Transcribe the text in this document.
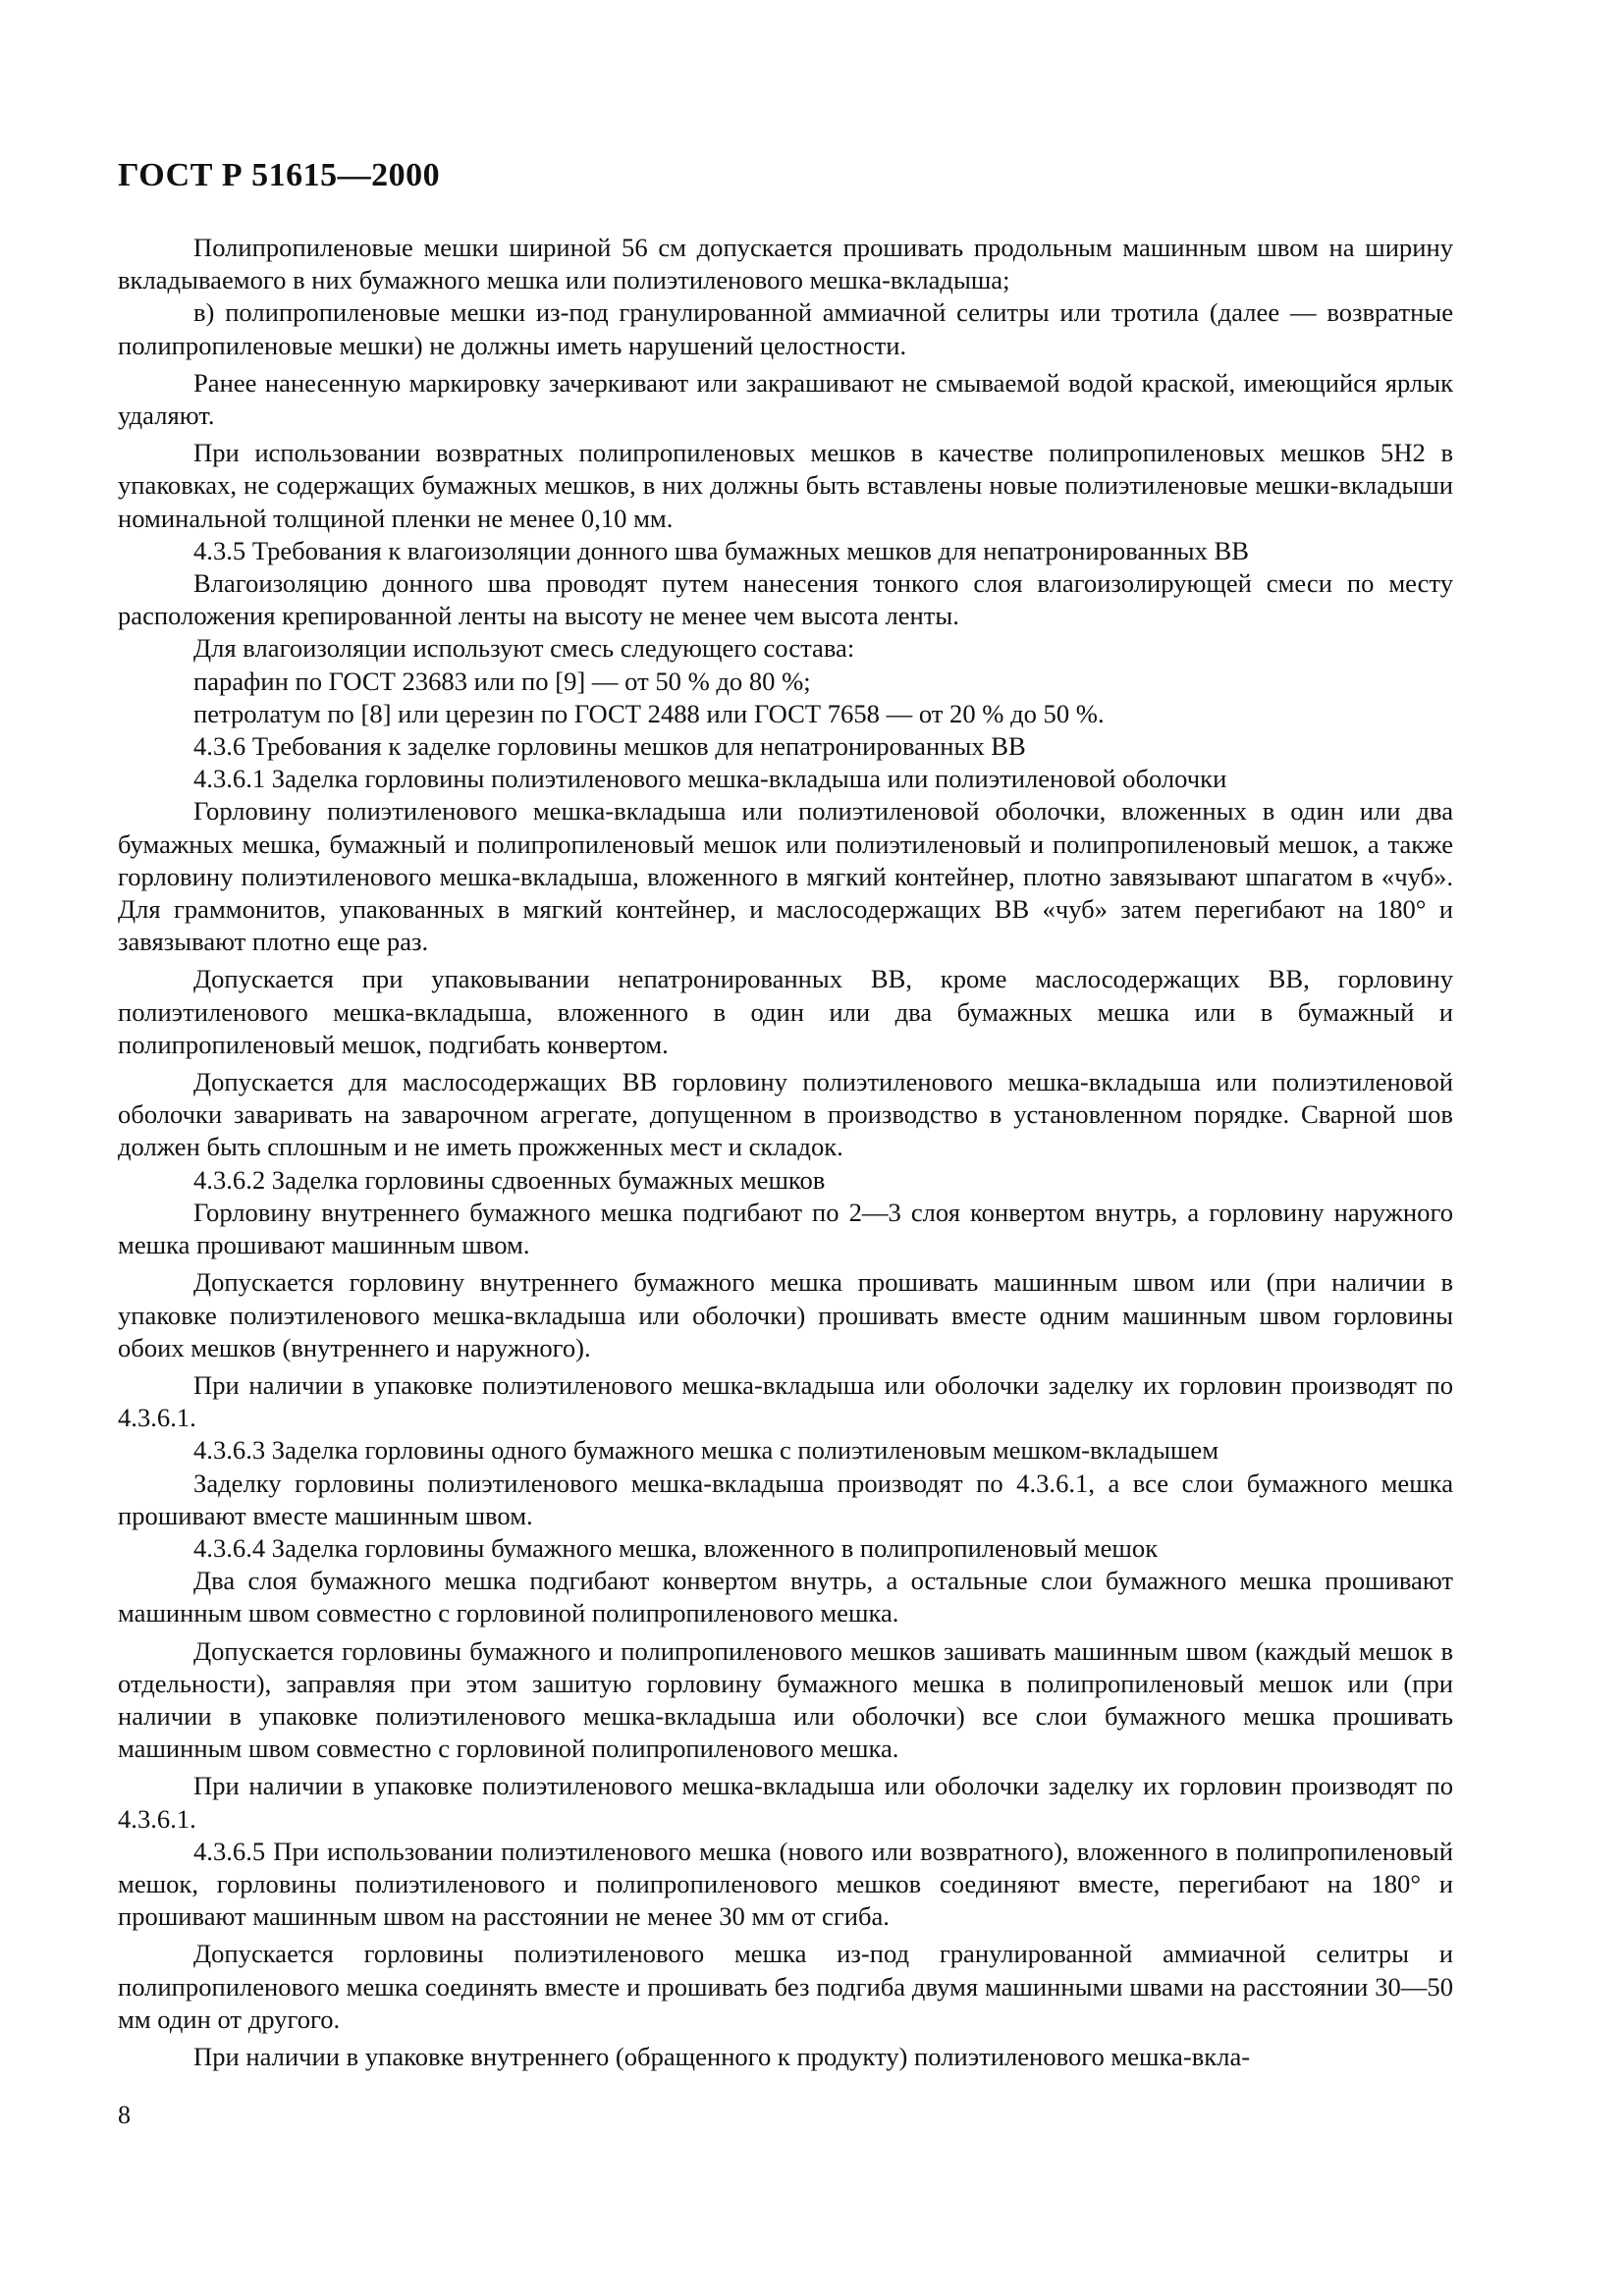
ГОСТ Р 51615—2000

Полипропиленовые мешки шириной 56 см допускается прошивать продольным машинным швом на ширину вкладываемого в них бумажного мешка или полиэтиленового мешка-вкладыша;

в) полипропиленовые мешки из-под гранулированной аммиачной селитры или тротила (далее — возвратные полипропиленовые мешки) не должны иметь нарушений целостности.

Ранее нанесенную маркировку зачеркивают или закрашивают не смываемой водой краской, имеющийся ярлык удаляют.

При использовании возвратных полипропиленовых мешков в качестве полипропиленовых мешков 5Н2 в упаковках, не содержащих бумажных мешков, в них должны быть вставлены новые полиэтиленовые мешки-вкладыши номинальной толщиной пленки не менее 0,10 мм.

4.3.5 Требования к влагоизоляции донного шва бумажных мешков для непатронированных ВВ

Влагоизоляцию донного шва проводят путем нанесения тонкого слоя влагоизолирующей смеси по месту расположения крепированной ленты на высоту не менее чем высота ленты.

Для влагоизоляции используют смесь следующего состава:

парафин по ГОСТ 23683 или по [9] — от 50 % до 80 %;

петролатум по [8] или церезин по ГОСТ 2488 или ГОСТ 7658 — от 20 % до 50 %.

4.3.6 Требования к заделке горловины мешков для непатронированных ВВ

4.3.6.1 Заделка горловины полиэтиленового мешка-вкладыша или полиэтиленовой оболочки

Горловину полиэтиленового мешка-вкладыша или полиэтиленовой оболочки, вложенных в один или два бумажных мешка, бумажный и полипропиленовый мешок или полиэтиленовый и полипропиленовый мешок, а также горловину полиэтиленового мешка-вкладыша, вложенного в мягкий контейнер, плотно завязывают шпагатом в «чуб». Для граммонитов, упакованных в мягкий контейнер, и маслосодержащих ВВ «чуб» затем перегибают на 180° и завязывают плотно еще раз.

Допускается при упаковывании непатронированных ВВ, кроме маслосодержащих ВВ, горловину полиэтиленового мешка-вкладыша, вложенного в один или два бумажных мешка или в бумажный и полипропиленовый мешок, подгибать конвертом.

Допускается для маслосодержащих ВВ горловину полиэтиленового мешка-вкладыша или полиэтиленовой оболочки заваривать на заварочном агрегате, допущенном в производство в установленном порядке. Сварной шов должен быть сплошным и не иметь прожженных мест и складок.

4.3.6.2 Заделка горловины сдвоенных бумажных мешков

Горловину внутреннего бумажного мешка подгибают по 2—3 слоя конвертом внутрь, а горловину наружного мешка прошивают машинным швом.

Допускается горловину внутреннего бумажного мешка прошивать машинным швом или (при наличии в упаковке полиэтиленового мешка-вкладыша или оболочки) прошивать вместе одним машинным швом горловины обоих мешков (внутреннего и наружного).

При наличии в упаковке полиэтиленового мешка-вкладыша или оболочки заделку их горловин производят по 4.3.6.1.

4.3.6.3 Заделка горловины одного бумажного мешка с полиэтиленовым мешком-вкладышем

Заделку горловины полиэтиленового мешка-вкладыша производят по 4.3.6.1, а все слои бумажного мешка прошивают вместе машинным швом.

4.3.6.4 Заделка горловины бумажного мешка, вложенного в полипропиленовый мешок

Два слоя бумажного мешка подгибают конвертом внутрь, а остальные слои бумажного мешка прошивают машинным швом совместно с горловиной полипропиленового мешка.

Допускается горловины бумажного и полипропиленового мешков зашивать машинным швом (каждый мешок в отдельности), заправляя при этом зашитую горловину бумажного мешка в полипропиленовый мешок или (при наличии в упаковке полиэтиленового мешка-вкладыша или оболочки) все слои бумажного мешка прошивать машинным швом совместно с горловиной полипропиленового мешка.

При наличии в упаковке полиэтиленового мешка-вкладыша или оболочки заделку их горловин производят по 4.3.6.1.

4.3.6.5 При использовании полиэтиленового мешка (нового или возвратного), вложенного в полипропиленовый мешок, горловины полиэтиленового и полипропиленового мешков соединяют вместе, перегибают на 180° и прошивают машинным швом на расстоянии не менее 30 мм от сгиба.

Допускается горловины полиэтиленового мешка из-под гранулированной аммиачной селитры и полипропиленового мешка соединять вместе и прошивать без подгиба двумя машинными швами на расстоянии 30—50 мм один от другого.

При наличии в упаковке внутреннего (обращенного к продукту) полиэтиленового мешка-вкла-

8
